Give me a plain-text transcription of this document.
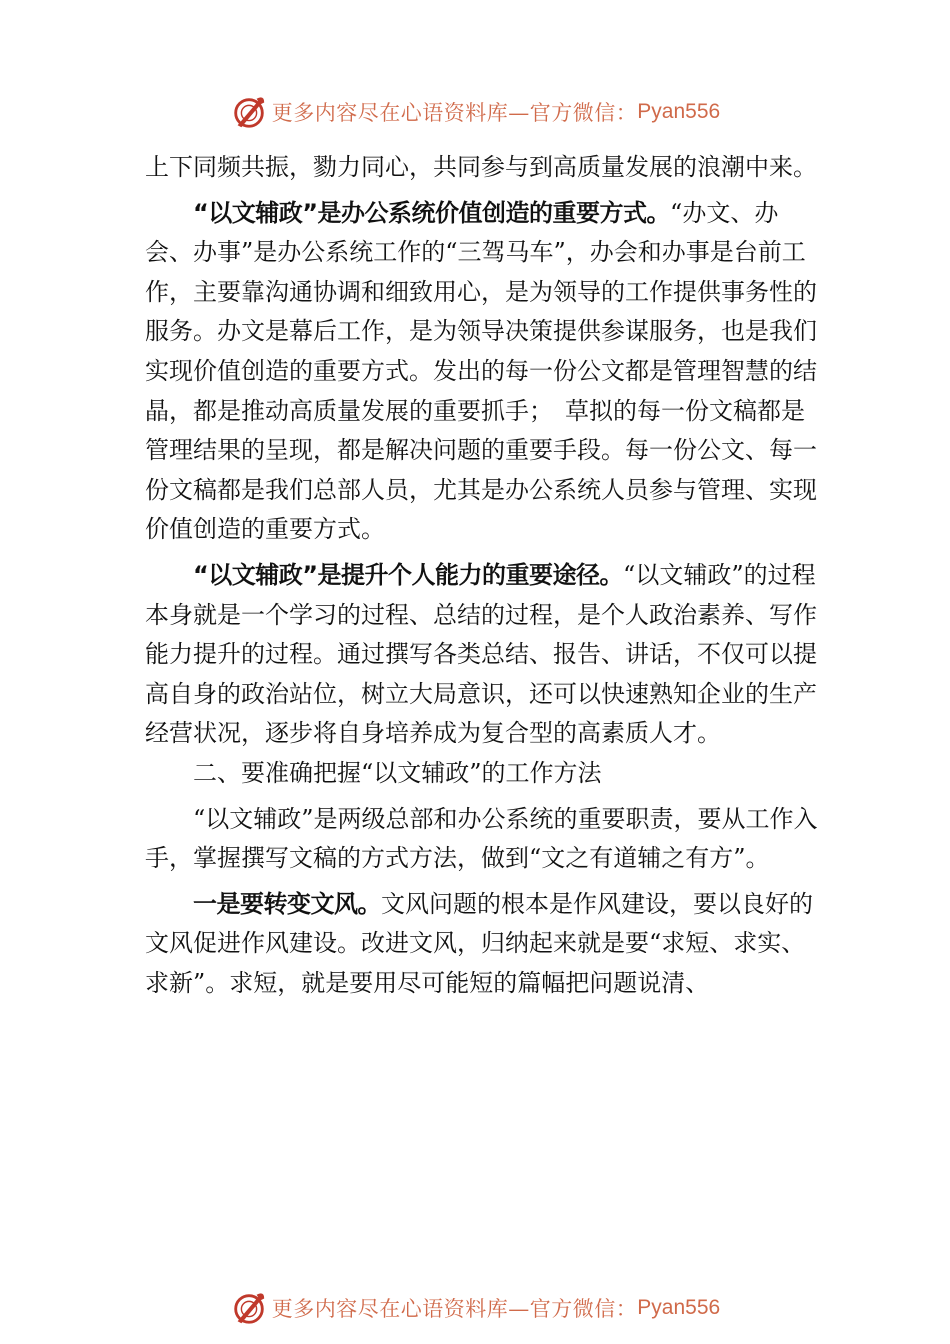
更多内容尽在心语资料库—官方微信： Pyan556

上下同频共振，勠力同心，共同参与到高质量发展的浪潮中来。

“以文辅政”是办公系统价值创造的重要方式。“办文、办会、办事”是办公系统工作的“三驾马车”，办会和办事是台前工作，主要靠沟通协调和细致用心，是为领导的工作提供事务性的服务。办文是幕后工作，是为领导决策提供参谋服务，也是我们实现价值创造的重要方式。发出的每一份公文都是管理智慧的结晶，都是推动高质量发展的重要抓手；　草拟的每一份文稿都是管理结果的呈现，都是解决问题的重要手段。每一份公文、每一份文稿都是我们总部人员，尤其是办公系统人员参与管理、实现价值创造的重要方式。

“以文辅政”是提升个人能力的重要途径。“以文辅政”的过程本身就是一个学习的过程、总结的过程，是个人政治素养、写作能力提升的过程。通过撰写各类总结、报告、讲话，不仅可以提高自身的政治站位，树立大局意识，还可以快速熟知企业的生产经营状况，逐步将自身培养成为复合型的高素质人才。

二、要准确把握“以文辅政”的工作方法

“以文辅政”是两级总部和办公系统的重要职责，要从工作入手，掌握撰写文稿的方式方法，做到“文之有道辅之有方”。

一是要转变文风。文风问题的根本是作风建设，要以良好的文风促进作风建设。改进文风，归纳起来就是要“求短、求实、求新”。求短，就是要用尽可能短的篇幅把问题说清、

更多内容尽在心语资料库—官方微信： Pyan556
